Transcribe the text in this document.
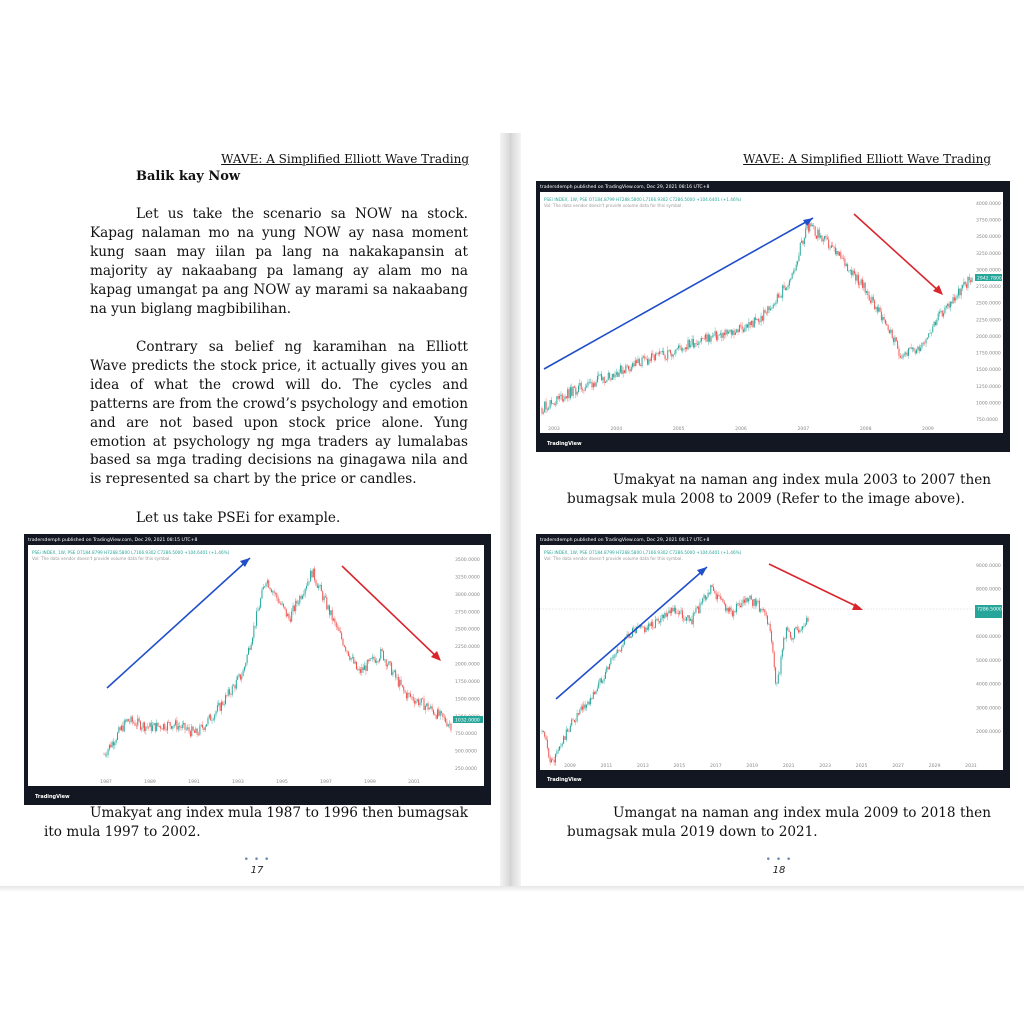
WAVE: A Simplified Elliott Wave Trading
Balik kay Now

Let us take the scenario sa NOW na stock. Kapag nalaman mo na yung NOW ay nasa moment kung saan may iilan pa lang na nakakapansin at majority ay nakaabang pa lamang ay alam mo na kapag umangat pa ang NOW ay marami sa nakaabang na yun biglang magbibilihan.

Contrary sa belief ng karamihan na Elliott Wave predicts the stock price, it actually gives you an idea of what the crowd will do. The cycles and patterns are from the crowd’s psychology and emotion and are not based upon stock price alone. Yung emotion at psychology ng mga traders ay lumalabas based sa mga trading decisions na ginagawa nila and is represented sa chart by the price or candles.

Let us take PSEi for example.

tradersdemph published on TradingView.com, Dec 29, 2021 08:15 UTC+8
PSEi INDEX, 1W, PSE O7184.8799 H7288.5800 L7166.9302 C7286.5000 +104.6401 (+1.46%)
Vol: The data vendor doesn't provide volume data for this symbol.	3500.0000
3250.0000
3000.0000
2750.0000
2500.0000
2250.0000
2000.0000
1750.0000
1500.0000
750.0000
500.0000
250.0000
1987	1989	1991	1993	1995	1997	1999	2001
1032.0000
TradingView

Umakyat ang index mula 1987 to 1996 then bumagsak ito mula 1997 to 2002.

• • •
17
WAVE: A Simplified Elliott Wave Trading
tradersdemph published on TradingView.com, Dec 29, 2021 08:16 UTC+8
PSEi INDEX, 1W, PSE O7184.8799 H7288.5800 L7166.9302 C7286.5000 +104.6401 (+1.46%)
Vol: The data vendor doesn't provide volume data for this symbol.	4000.0000
3750.0000
3500.0000
3250.0000
3000.0000
2750.0000
2500.0000
2250.0000
2000.0000
1750.0000
1500.0000
1250.0000
1000.0000
750.0000
2003	2004	2005	2006	2007	2008	2009
2942.7800
TradingView

Umakyat na naman ang index mula 2003 to 2007 then bumagsak mula 2008 to 2009 (Refer to the image above).

tradersdemph published on TradingView.com, Dec 29, 2021 08:17 UTC+8
PSEi INDEX, 1W, PSE O7184.8799 H7288.5800 L7166.9302 C7286.5000 +104.6401 (+1.46%)
Vol: The data vendor doesn't provide volume data for this symbol.
9000.0000
8000.0000
6000.0000
5000.0000
4000.0000
3000.0000
2000.0000
2009	2011	2013	2015	2017	2019	2021	2023	2025	2027	2029	2031
7286.5000
TradingView

Umangat na naman ang index mula 2009 to 2018 then bumagsak mula 2019 down to 2021.

• • •
18
